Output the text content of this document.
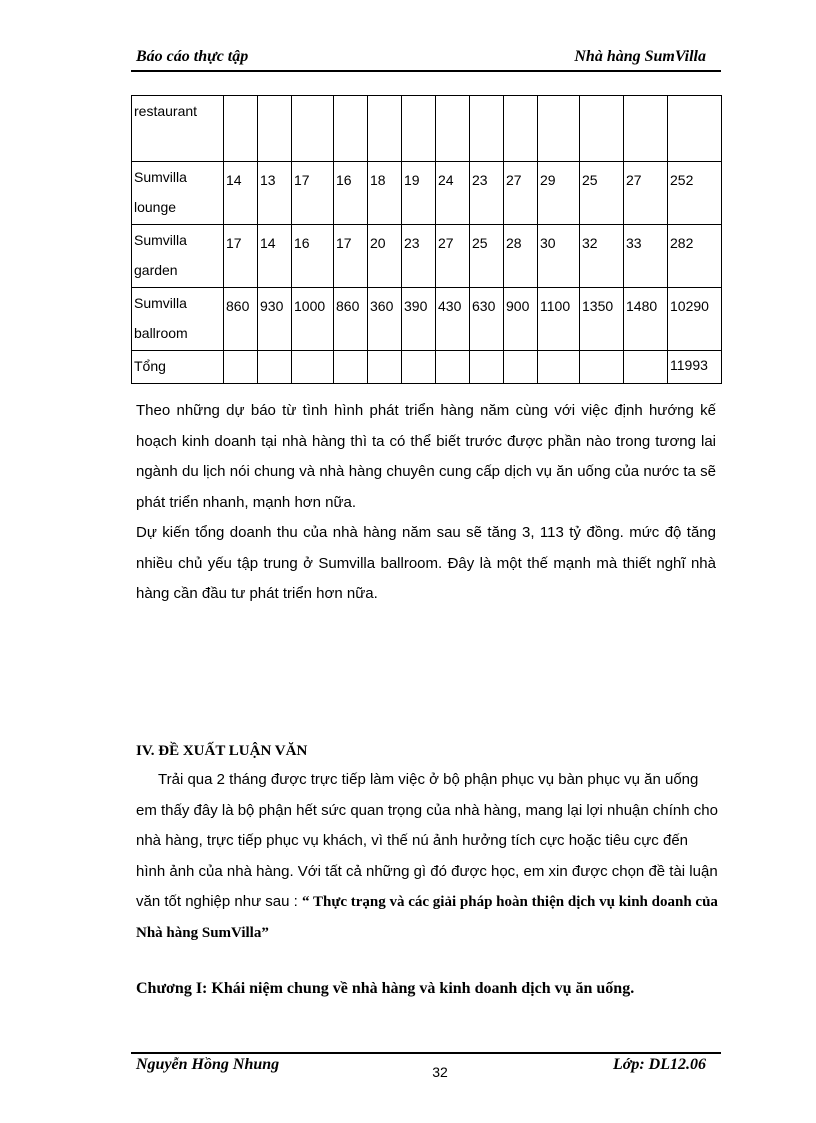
Báo cáo thực tập	Nhà hàng SumVilla
restaurant													
Sumvilla lounge	14	13	17	16	18	19	24	23	27	29	25	27	252
Sumvilla garden	17	14	16	17	20	23	27	25	28	30	32	33	282
Sumvilla ballroom	860	930	1000	860	360	390	430	630	900	1100	1350	1480	10290
Tổng													11993

Theo những dự báo từ tình hình phát triển hàng năm cùng với việc định hướng kế hoạch kinh doanh tại nhà hàng thì ta có thể biết trước được phần nào trong tương lai ngành du lịch nói chung và nhà hàng chuyên cung cấp dịch vụ ăn uống của nước ta sẽ phát triển nhanh, mạnh hơn nữa.

Dự kiến tổng doanh thu của nhà hàng năm sau sẽ tăng 3, 113 tỷ đồng. mức độ tăng nhiều chủ yếu tập trung ở Sumvilla ballroom. Đây là một thế mạnh mà thiết nghĩ nhà hàng cần đầu tư phát triển hơn nữa.

IV. ĐỀ XUẤT LUẬN VĂN

Trải qua 2 tháng được trực tiếp làm việc ở bộ phận phục vụ bàn phục vụ ăn uống em thấy đây là bộ phận hết sức quan trọng của nhà hàng, mang lại lợi nhuận chính cho nhà hàng, trực tiếp phục vụ khách, vì thế nú ảnh hưởng tích cực hoặc tiêu cực đến hình ảnh của nhà hàng. Với tất cả những gì đó được học, em xin được chọn đề tài luận văn tốt nghiệp như sau : “ Thực trạng và các giải pháp hoàn thiện dịch vụ kinh doanh của Nhà hàng SumVilla”

Chương I: Khái niệm chung về nhà hàng và kinh doanh dịch vụ ăn uống.
Nguyễn Hồng Nhung	32	Lớp: DL12.06
